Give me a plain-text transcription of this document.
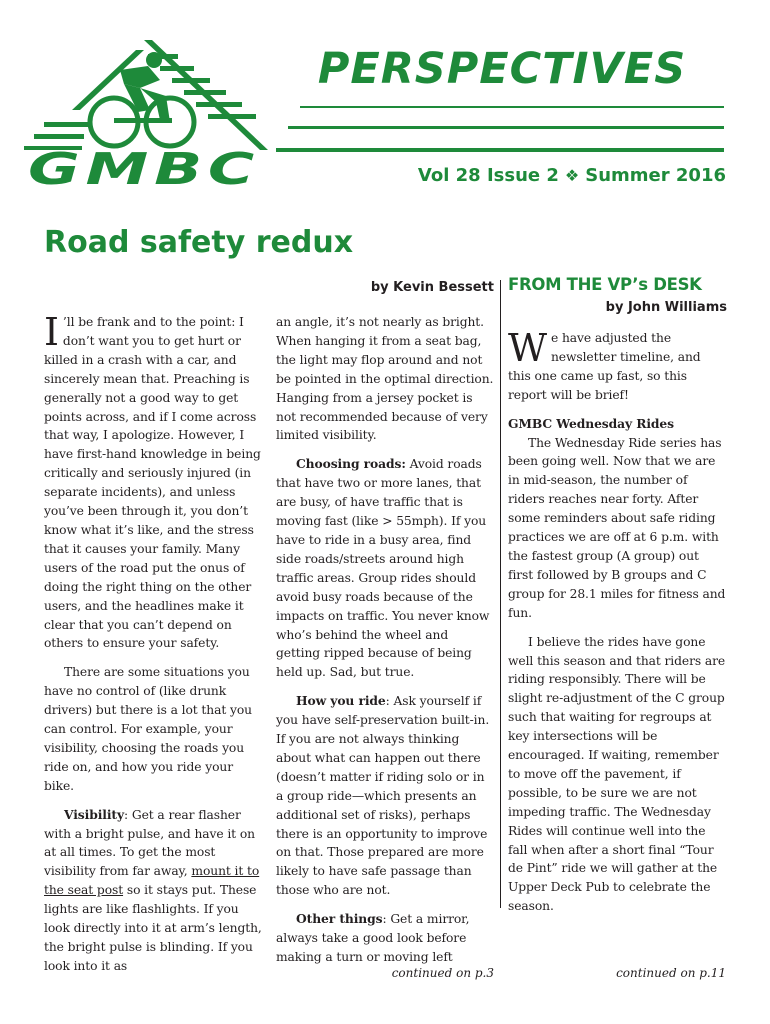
GMBC
PERSPECTIVES
Vol 28 Issue 2 ❖ Summer 2016
Road safety redux
by Kevin Bessett

I ’ll be frank and to the point: I don’t want you to get hurt or killed in a crash with a car, and sincerely mean that. Preaching is generally not a good way to get points across, and if I come across that way, I apologize. However, I have first-hand knowledge in being critically and seriously injured (in separate incidents), and unless you’ve been through it, you don’t know what it’s like, and the stress that it causes your family. Many users of the road put the onus of doing the right thing on the other users, and the headlines make it clear that you can’t depend on others to ensure your safety.

There are some situations you have no control of (like drunk drivers) but there is a lot that you can control. For example, your visibility, choosing the roads you ride on, and how you ride your bike.

Visibility: Get a rear flasher with a bright pulse, and have it on at all times. To get the most visibility from far away, mount it to the seat post so it stays put. These lights are like flashlights. If you look directly into it at arm’s length, the bright pulse is blinding. If you look into it as

an angle, it’s not nearly as bright. When hanging it from a seat bag, the light may flop around and not be pointed in the optimal direction. Hanging from a jersey pocket is not recommended because of very limited visibility.

Choosing roads: Avoid roads that have two or more lanes, that are busy, of have traffic that is moving fast (like > 55mph). If you have to ride in a busy area, find side roads/streets around high traffic areas. Group rides should avoid busy roads because of the impacts on traffic. You never know who’s behind the wheel and getting ripped because of being held up. Sad, but true.

How you ride: Ask yourself if you have self-preservation built-in. If you are not always thinking about what can happen out there (doesn’t matter if riding solo or in a group ride—which presents an additional set of risks), perhaps there is an opportunity to improve on that. Those prepared are more likely to have safe passage than those who are not.

Other things: Get a mirror, always take a good look before making a turn or moving left

continued on p.3
FROM THE VP’s DESK
by John Williams

We have adjusted the newsletter timeline, and this one came up fast, so this report will be brief!

GMBC Wednesday Rides

The Wednesday Ride series has been going well. Now that we are in mid-season, the number of riders reaches near forty. After some reminders about safe riding practices we are off at 6 p.m. with the fastest group (A group) out first followed by B groups and C group for 28.1 miles for fitness and fun.

I believe the rides have gone well this season and that riders are riding responsibly. There will be slight re-adjustment of the C group such that waiting for regroups at key intersections will be encouraged. If waiting, remember to move off the pavement, if possible, to be sure we are not impeding traffic. The Wednesday Rides will continue well into the fall when after a short final “Tour de Pint” ride we will gather at the Upper Deck Pub to celebrate the season.

continued on p.11
